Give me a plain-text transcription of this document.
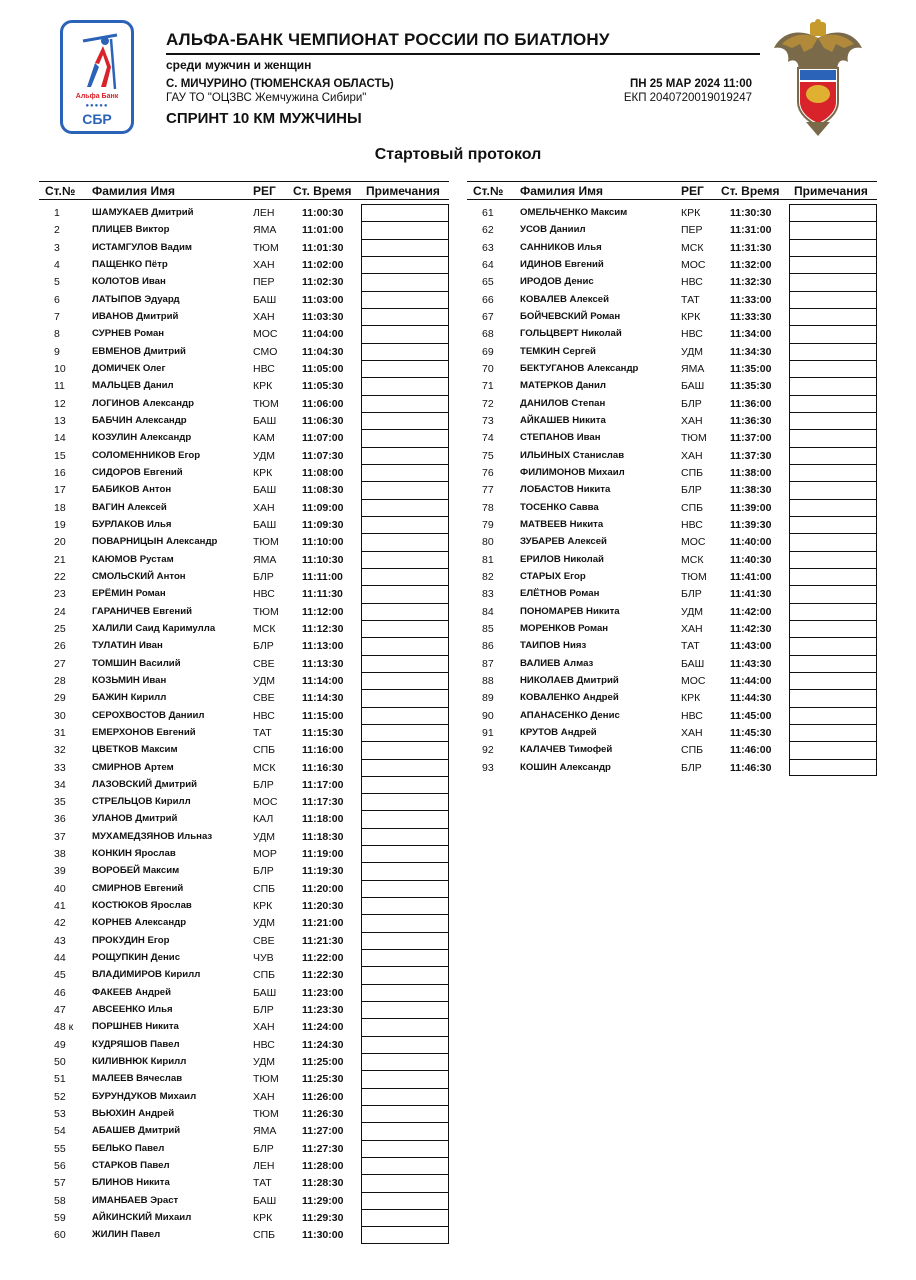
Альфа Банк
●●●●●
СБР
АЛЬФА-БАНК ЧЕМПИОНАТ РОССИИ ПО БИАТЛОНУ
среди мужчин и женщин
С. МИЧУРИНО (ТЮМЕНСКАЯ ОБЛАСТЬ)
ГАУ ТО "ОЦЗВС Жемчужина Сибири"
ПН 25 МАР 2024 11:00
ЕКП 2040720019019247
СПРИНТ 10 КМ МУЖЧИНЫ
Стартовый протокол
Ст.№ Фамилия Имя	РЕГ Ст. Время Примечания
1	ШАМУКАЕВ Дмитрий	ЛЕН	11:00:30
2	ПЛИЦЕВ Виктор	ЯМА 11:01:00
3	ИСТАМГУЛОВ Вадим	ТЮМ 11:01:30
4	ПАЩЕНКО Пётр	ХАН	11:02:00
5	КОЛОТОВ Иван	ПЕР	11:02:30
6	ЛАТЫПОВ Эдуард	БАШ 11:03:00
7	ИВАНОВ Дмитрий	ХАН	11:03:30
8	СУРНЕВ Роман	МОС 11:04:00
9	ЕВМЕНОВ Дмитрий	СМО 11:04:30
10	ДОМИЧЕК Олег	НВС	11:05:00
11	МАЛЬЦЕВ Данил	КРК	11:05:30
12	ЛОГИНОВ Александр	ТЮМ 11:06:00
13	БАБЧИН Александр	БАШ 11:06:30
14	КОЗУЛИН Александр	КАМ	11:07:00
15	СОЛОМЕННИКОВ Егор	УДМ	11:07:30
16	СИДОРОВ Евгений	КРК	11:08:00
17	БАБИКОВ Антон	БАШ 11:08:30
18	ВАГИН Алексей	ХАН	11:09:00
19	БУРЛАКОВ Илья	БАШ 11:09:30
20	ПОВАРНИЦЫН Александр	ТЮМ 11:10:00
21	КАЮМОВ Рустам	ЯМА 11:10:30
22	СМОЛЬСКИЙ Антон	БЛР	11:11:00
23	ЕРЁМИН Роман	НВС	11:11:30
24	ГАРАНИЧЕВ Евгений	ТЮМ 11:12:00
25	ХАЛИЛИ Саид Каримулла	МСК	11:12:30
26	ТУЛАТИН Иван	БЛР	11:13:00
27	ТОМШИН Василий	СВЕ	11:13:30
28	КОЗЬМИН Иван	УДМ	11:14:00
29	БАЖИН Кирилл	СВЕ	11:14:30
30	СЕРОХВОСТОВ Даниил	НВС	11:15:00
31	ЕМЕРХОНОВ Евгений	ТАТ	11:15:30
32	ЦВЕТКОВ Максим	СПБ	11:16:00
33	СМИРНОВ Артем	МСК	11:16:30
34	ЛАЗОВСКИЙ Дмитрий	БЛР	11:17:00
35	СТРЕЛЬЦОВ Кирилл	МОС 11:17:30
36	УЛАНОВ Дмитрий	КАЛ	11:18:00
37	МУХАМЕДЗЯНОВ Ильназ	УДМ	11:18:30
38	КОНКИН Ярослав	МОР 11:19:00
39	ВОРОБЕЙ Максим	БЛР	11:19:30
40	СМИРНОВ Евгений	СПБ	11:20:00
41	КОСТЮКОВ Ярослав	КРК	11:20:30
42	КОРНЕВ Александр	УДМ	11:21:00
43	ПРОКУДИН Егор	СВЕ	11:21:30
44	РОЩУПКИН Денис	ЧУВ	11:22:00
45	ВЛАДИМИРОВ Кирилл	СПБ	11:22:30
46	ФАКЕЕВ Андрей	БАШ 11:23:00
47	АВСЕЕНКО Илья	БЛР	11:23:30
48 к ПОРШНЕВ Никита	ХАН	11:24:00
49	КУДРЯШОВ Павел	НВС	11:24:30
50	КИЛИВНЮК Кирилл	УДМ	11:25:00
51	МАЛЕЕВ Вячеслав	ТЮМ 11:25:30
52	БУРУНДУКОВ Михаил	ХАН	11:26:00
53	ВЬЮХИН Андрей	ТЮМ 11:26:30
54	АБАШЕВ Дмитрий	ЯМА 11:27:00
55	БЕЛЬКО Павел	БЛР	11:27:30
56	СТАРКОВ Павел	ЛЕН	11:28:00
57	БЛИНОВ Никита	ТАТ	11:28:30
58	ИМАНБАЕВ Эраст	БАШ 11:29:00
59	АЙКИНСКИЙ Михаил	КРК	11:29:30
60	ЖИЛИН Павел	СПБ	11:30:00
Ст.№ Фамилия Имя	РЕГ Ст. Время Примечания
61	ОМЕЛЬЧЕНКО Максим	КРК	11:30:30
62	УСОВ Даниил	ПЕР	11:31:00
63	САННИКОВ Илья	МСК	11:31:30
64	ИДИНОВ Евгений	МОС 11:32:00
65	ИРОДОВ Денис	НВС	11:32:30
66	КОВАЛЕВ Алексей	ТАТ	11:33:00
67	БОЙЧЕВСКИЙ Роман	КРК	11:33:30
68	ГОЛЬЦВЕРТ Николай	НВС	11:34:00
69	ТЕМКИН Сергей	УДМ	11:34:30
70	БЕКТУГАНОВ Александр	ЯМА 11:35:00
71	МАТЕРКОВ Данил	БАШ 11:35:30
72	ДАНИЛОВ Степан	БЛР	11:36:00
73	АЙКАШЕВ Никита	ХАН	11:36:30
74	СТЕПАНОВ Иван	ТЮМ 11:37:00
75	ИЛЬИНЫХ Станислав	ХАН	11:37:30
76	ФИЛИМОНОВ Михаил	СПБ	11:38:00
77	ЛОБАСТОВ Никита	БЛР	11:38:30
78	ТОСЕНКО Савва	СПБ	11:39:00
79	МАТВЕЕВ Никита	НВС	11:39:30
80	ЗУБАРЕВ Алексей	МОС 11:40:00
81	ЕРИЛОВ Николай	МСК	11:40:30
82	СТАРЫХ Егор	ТЮМ 11:41:00
83	ЕЛЁТНОВ Роман	БЛР	11:41:30
84	ПОНОМАРЕВ Никита	УДМ	11:42:00
85	МОРЕНКОВ Роман	ХАН	11:42:30
86	ТАИПОВ Нияз	ТАТ	11:43:00
87	ВАЛИЕВ Алмаз	БАШ 11:43:30
88	НИКОЛАЕВ Дмитрий	МОС 11:44:00
89	КОВАЛЕНКО Андрей	КРК	11:44:30
90	АПАНАСЕНКО Денис	НВС	11:45:00
91	КРУТОВ Андрей	ХАН	11:45:30
92	КАЛАЧЕВ Тимофей	СПБ	11:46:00
93	КОШИН Александр	БЛР	11:46:30
